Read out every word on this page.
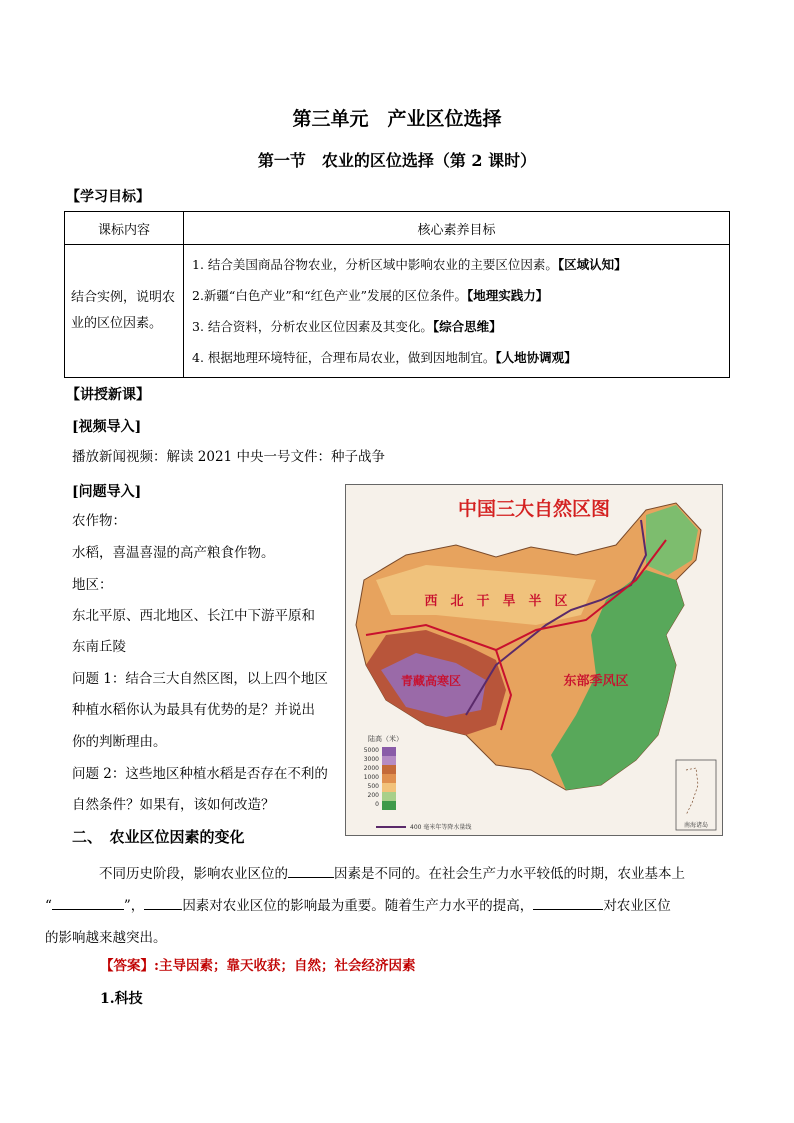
第三单元　产业区位选择
第一节　农业的区位选择（第 2 课时）
【学习目标】
课标内容	核心素养目标
结合实例，说明农业的区位因素。	1. 结合美国商品谷物农业，分析区域中影响农业的主要区位因素。【区域认知】
2.新疆“白色产业”和“红色产业”发展的区位条件。【地理实践力】
3. 结合资料，分析农业区位因素及其变化。【综合思维】
4. 根据地理环境特征，合理布局农业，做到因地制宜。【人地协调观】
【讲授新课】
[视频导入]
播放新闻视频：解读 2021 中央一号文件：种子战争
[问题导入]
农作物：
水稻，喜温喜湿的高产粮食作物。
地区：
东北平原、西北地区、长江中下游平原和
东南丘陵
问题 1：结合三大自然区图，以上四个地区
种植水稻你认为最具有优势的是？并说出
你的判断理由。
问题 2：这些地区种植水稻是否存在不利的
自然条件？如果有，该如何改造？
中国三大自然区图
西　北　干　旱　半　区
青藏高寒区	东部季风区
陆高（米）
5000
3000
2000
1000
500
200
0
400 毫米年等降水量线	南海诸岛
二、　农业区位因素的变化
不同历史阶段，影响农业区位的	因素是不同的。在社会生产力水平较低的时期，农业基本上
“	”，	因素对农业区位的影响最为重要。随着生产力水平的提高，	对农业区位
的影响越来越突出。
【答案】:主导因素；靠天收获；自然；社会经济因素
1.科技
